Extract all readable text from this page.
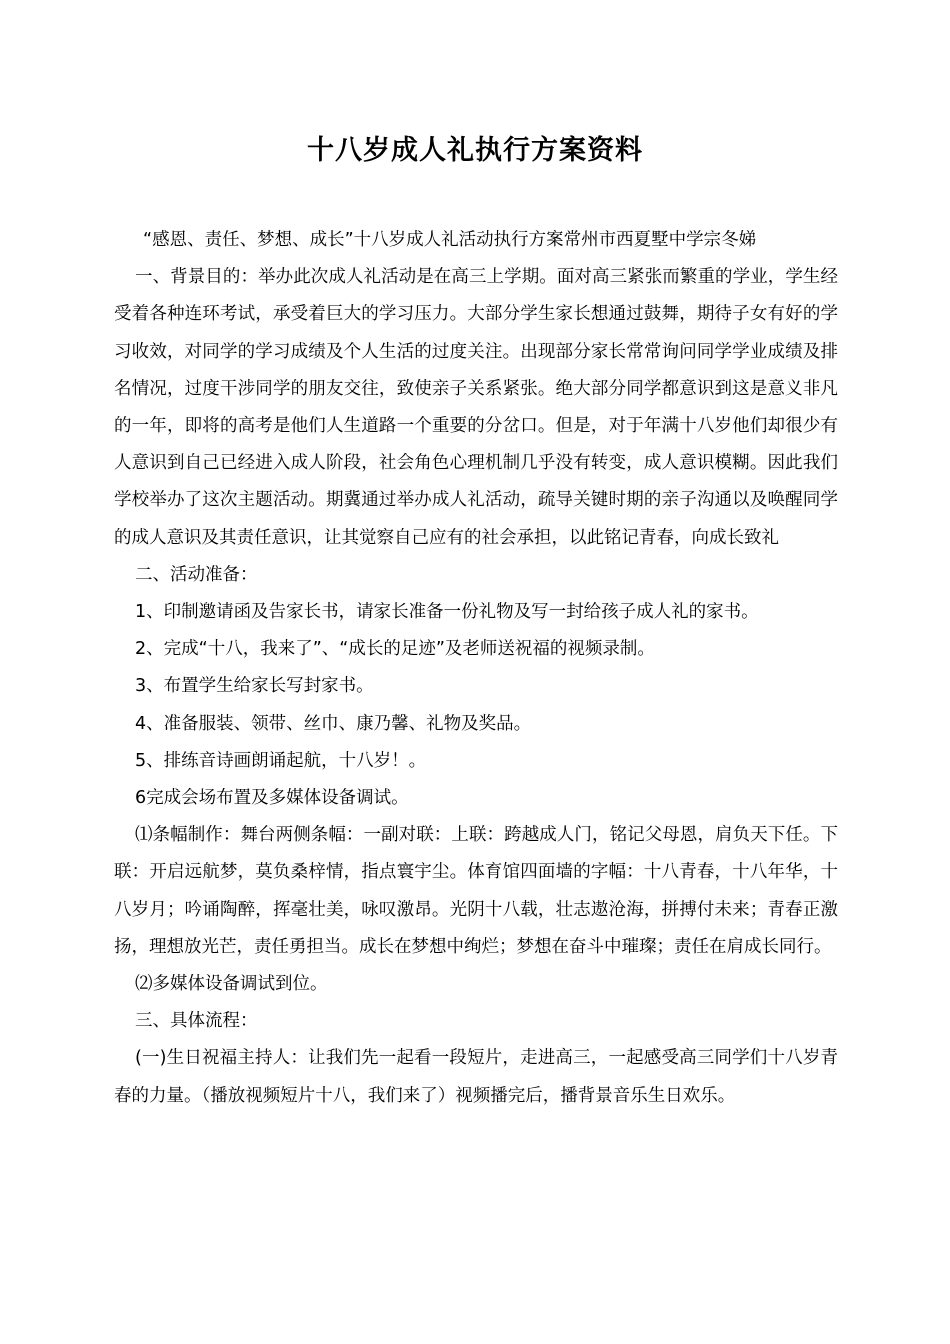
十八岁成人礼执行方案资料

“感恩、责任、梦想、成长”十八岁成人礼活动执行方案常州市西夏墅中学宗冬娣

一、背景目的：举办此次成人礼活动是在高三上学期。面对高三紧张而繁重的学业，学生经受着各种连环考试，承受着巨大的学习压力。大部分学生家长想通过鼓舞，期待子女有好的学习收效，对同学的学习成绩及个人生活的过度关注。出现部分家长常常询问同学学业成绩及排名情况，过度干涉同学的朋友交往，致使亲子关系紧张。绝大部分同学都意识到这是意义非凡的一年，即将的高考是他们人生道路一个重要的分岔口。但是，对于年满十八岁他们却很少有人意识到自己已经进入成人阶段，社会角色心理机制几乎没有转变，成人意识模糊。因此我们学校举办了这次主题活动。期冀通过举办成人礼活动，疏导关键时期的亲子沟通以及唤醒同学的成人意识及其责任意识，让其觉察自己应有的社会承担，以此铭记青春，向成长致礼

二、活动准备：

1、印制邀请函及告家长书，请家长准备一份礼物及写一封给孩子成人礼的家书。

2、完成“十八，我来了”、“成长的足迹”及老师送祝福的视频录制。

3、布置学生给家长写封家书。

4、准备服装、领带、丝巾、康乃馨、礼物及奖品。

5、排练音诗画朗诵起航，十八岁！。

6完成会场布置及多媒体设备调试。

⑴条幅制作：舞台两侧条幅：一副对联：上联：跨越成人门，铭记父母恩，肩负天下任。下联：开启远航梦，莫负桑梓情，指点寰宇尘。体育馆四面墙的字幅：十八青春，十八年华，十八岁月；吟诵陶醉，挥毫壮美，咏叹激昂。光阴十八载，壮志遨沧海，拼搏付未来；青春正激扬，理想放光芒，责任勇担当。成长在梦想中绚烂；梦想在奋斗中璀璨；责任在肩成长同行。

⑵多媒体设备调试到位。

三、具体流程：

(一)生日祝福主持人：让我们先一起看一段短片，走进高三，一起感受高三同学们十八岁青春的力量。（播放视频短片十八，我们来了）视频播完后，播背景音乐生日欢乐。
